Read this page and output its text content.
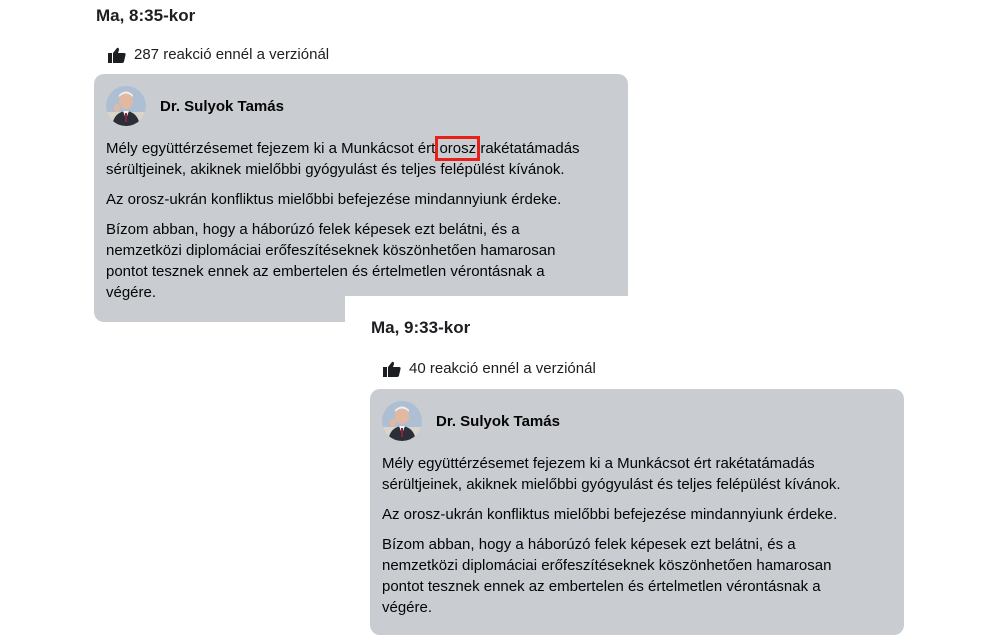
Ma, 8:35-kor
287 reakció ennél a verziónál
Dr. Sulyok Tamás

Mély együttérzésemet fejezem ki a Munkácsot ért orosz rakétatámadás
sérültjeinek, akiknek mielőbbi gyógyulást és teljes felépülést kívánok.

Az orosz-ukrán konfliktus mielőbbi befejezése mindannyiunk érdeke.

Bízom abban, hogy a háborúzó felek képesek ezt belátni, és a
nemzetközi diplomáciai erőfeszítéseknek köszönhetően hamarosan
pontot tesznek ennek az embertelen és értelmetlen vérontásnak a
végére.

Ma, 9:33-kor
40 reakció ennél a verziónál
Dr. Sulyok Tamás

Mély együttérzésemet fejezem ki a Munkácsot ért rakétatámadás
sérültjeinek, akiknek mielőbbi gyógyulást és teljes felépülést kívánok.

Az orosz-ukrán konfliktus mielőbbi befejezése mindannyiunk érdeke.

Bízom abban, hogy a háborúzó felek képesek ezt belátni, és a
nemzetközi diplomáciai erőfeszítéseknek köszönhetően hamarosan
pontot tesznek ennek az embertelen és értelmetlen vérontásnak a
végére.
